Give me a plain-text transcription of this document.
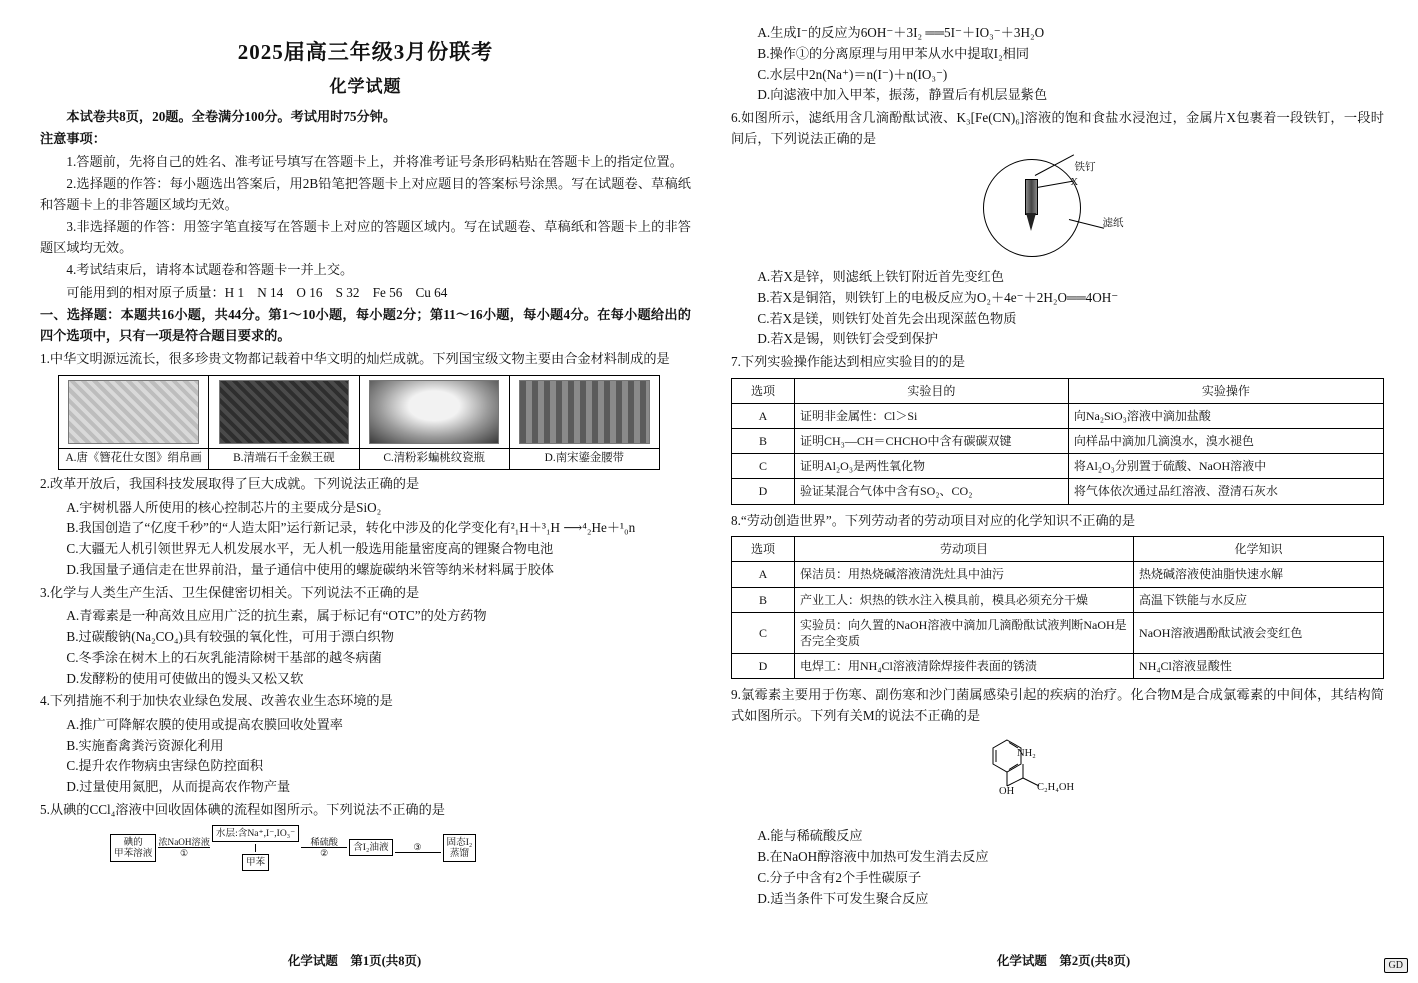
2025届高三年级3月份联考
化学试题
本试卷共8页，20题。全卷满分100分。考试用时75分钟。
注意事项：
1.答题前，先将自己的姓名、准考证号填写在答题卡上，并将准考证号条形码粘贴在答题卡上的指定位置。
2.选择题的作答：每小题选出答案后，用2B铅笔把答题卡上对应题目的答案标号涂黑。写在试题卷、草稿纸和答题卡上的非答题区域均无效。
3.非选择题的作答：用签字笔直接写在答题卡上对应的答题区域内。写在试题卷、草稿纸和答题卡上的非答题区域均无效。
4.考试结束后，请将本试题卷和答题卡一并上交。
可能用到的相对原子质量：H 1　N 14　O 16　S 32　Fe 56　Cu 64
一、选择题：本题共16小题，共44分。第1～10小题，每小题2分；第11～16小题，每小题4分。在每小题给出的四个选项中，只有一项是符合题目要求的。
1.中华文明源远流长，很多珍贵文物都记载着中华文明的灿烂成就。下列国宝级文物主要由合金材料制成的是
A.唐《簪花仕女图》绢帛画	B.清端石千金猴王砚	C.清粉彩蝙桃纹瓷瓶	D.南宋鎏金腰带
2.改革开放后，我国科技发展取得了巨大成就。下列说法正确的是
A.宇树机器人所使用的核心控制芯片的主要成分是SiO₂
B.我国创造了“亿度千秒”的“人造太阳”运行新记录，转化中涉及的化学变化有²₁H＋³₁H ⟶⁴₂He＋¹₀n
C.大疆无人机引领世界无人机发展水平，无人机一般选用能量密度高的锂聚合物电池
D.我国量子通信走在世界前沿，量子通信中使用的螺旋碳纳米管等纳米材料属于胶体
3.化学与人类生产生活、卫生保健密切相关。下列说法不正确的是
A.青霉素是一种高效且应用广泛的抗生素，属于标记有“OTC”的处方药物
B.过碳酸钠(Na₂CO₄)具有较强的氧化性，可用于漂白织物
C.冬季涂在树木上的石灰乳能清除树干基部的越冬病菌
D.发酵粉的使用可使做出的馒头又松又软
4.下列措施不利于加快农业绿色发展、改善农业生态环境的是
A.推广可降解农膜的使用或提高农膜回收处置率
B.实施畜禽粪污资源化利用
C.提升农作物病虫害绿色防控面积
D.过量使用氮肥，从而提高农作物产量
5.从碘的CCl₄溶液中回收固体碘的流程如图所示。下列说法不正确的是
碘的
甲苯溶液
浓NaOH溶液
①
水层:含Na⁺,I⁻,IO₃⁻
甲苯
稀硫酸
②
含I₂油液	③	固态I₂
蒸馏
化学试题　第1页(共8页)
A.生成I⁻的反应为6OH⁻＋3I₂ ══5I⁻＋IO₃⁻＋3H₂O
B.操作①的分离原理与用甲苯从水中提取I₂相同
C.水层中2n(Na⁺)＝n(I⁻)＋n(IO₃⁻)
D.向滤液中加入甲苯，振荡，静置后有机层显紫色
6.如图所示，滤纸用含几滴酚酞试液、K₃[Fe(CN)₆]溶液的饱和食盐水浸泡过，金属片X包裹着一段铁钉，一段时间后，下列说法正确的是
铁钉
X
滤纸
A.若X是锌，则滤纸上铁钉附近首先变红色
B.若X是铜箔，则铁钉上的电极反应为O₂＋4e⁻＋2H₂O══4OH⁻
C.若X是镁，则铁钉处首先会出现深蓝色物质
D.若X是锡，则铁钉会受到保护
7.下列实验操作能达到相应实验目的的是
选项	实验目的	实验操作
A	证明非金属性：Cl＞Si	向Na₂SiO₃溶液中滴加盐酸
B	证明CH₃—CH＝CHCHO中含有碳碳双键	向样品中滴加几滴溴水，溴水褪色
C	证明Al₂O₃是两性氧化物	将Al₂O₃分别置于硫酸、NaOH溶液中
D	验证某混合气体中含有SO₂、CO₂	将气体依次通过品红溶液、澄清石灰水
8.“劳动创造世界”。下列劳动者的劳动项目对应的化学知识不正确的是
选项	劳动项目	化学知识
A	保洁员：用热烧碱溶液清洗灶具中油污	热烧碱溶液使油脂快速水解
B	产业工人：炽热的铁水注入模具前，模具必须充分干燥	高温下铁能与水反应
C	实验员：向久置的NaOH溶液中滴加几滴酚酞试液判断NaOH是否完全变质	NaOH溶液遇酚酞试液会变红色
D	电焊工：用NH₄Cl溶液清除焊接件表面的锈渍	NH₄Cl溶液显酸性
9.氯霉素主要用于伤寒、副伤寒和沙门菌属感染引起的疾病的治疗。化合物M是合成氯霉素的中间体，其结构简式如图所示。下列有关M的说法不正确的是
NH₂
OH C₂H₄OH
A.能与稀硫酸反应
B.在NaOH醇溶液中加热可发生消去反应
C.分子中含有2个手性碳原子
D.适当条件下可发生聚合反应
化学试题　第2页(共8页)	GD
